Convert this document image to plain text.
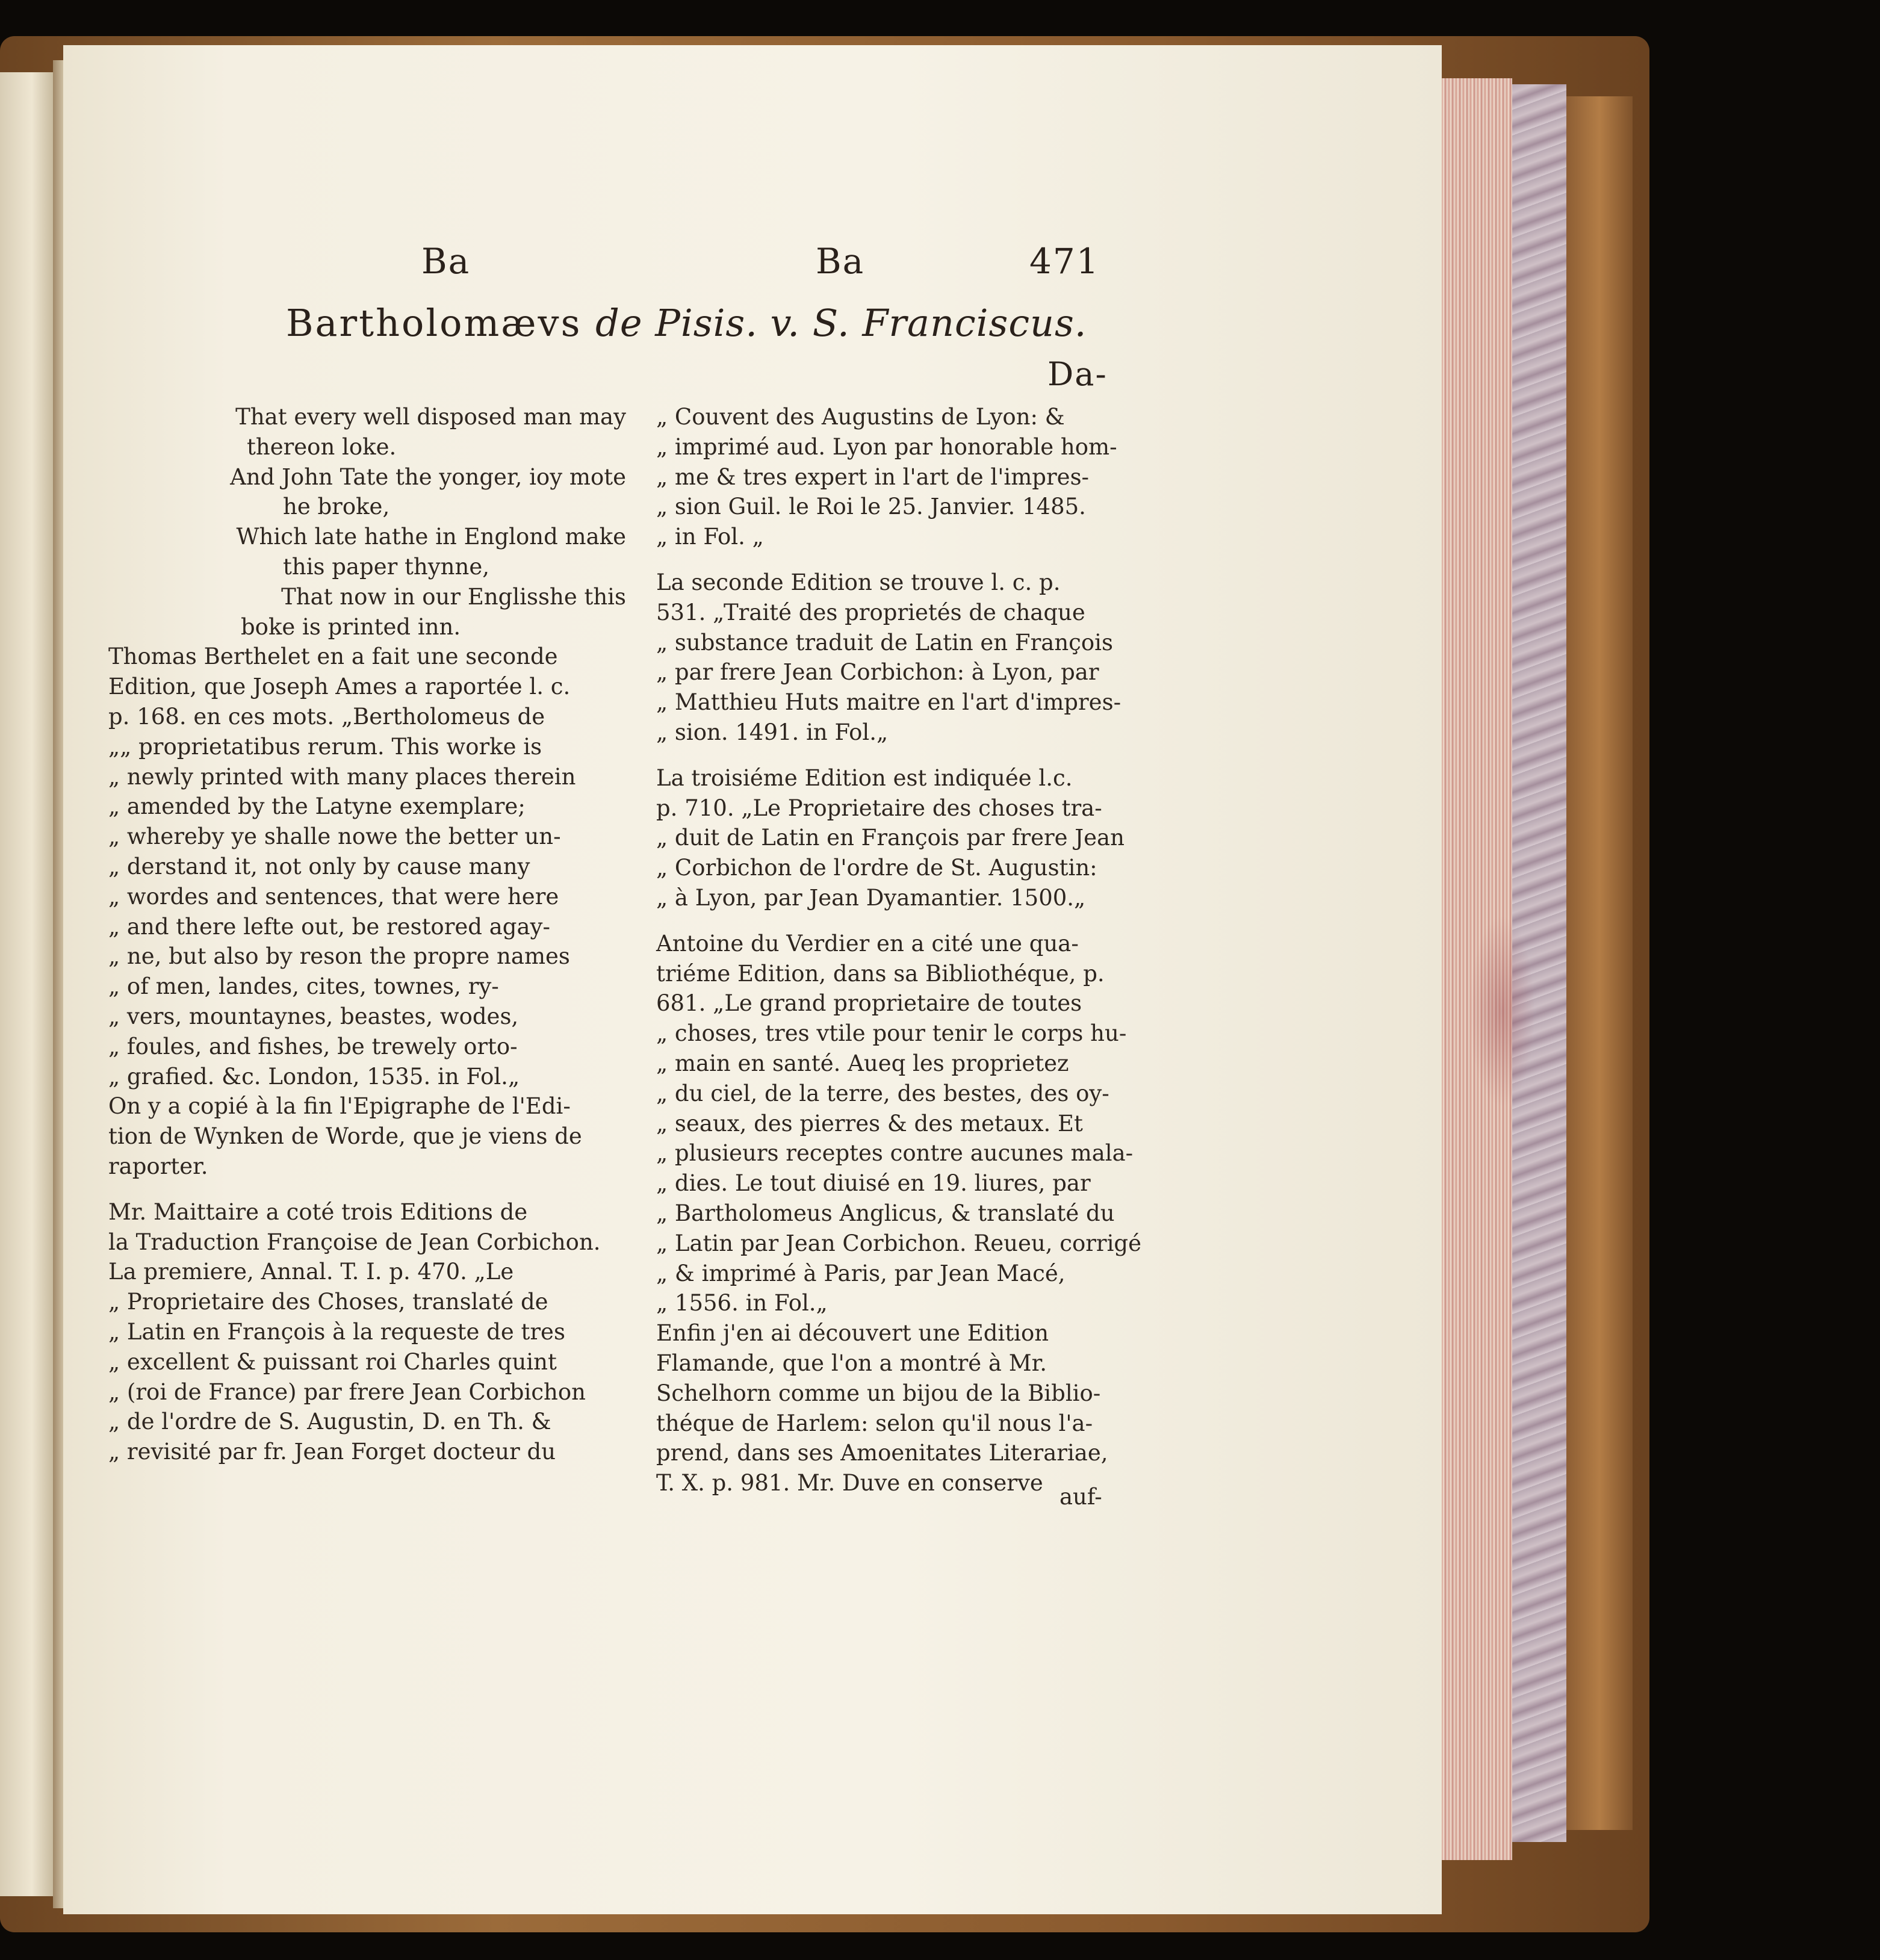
Ba	Ba	471
Bartholomævs de Pisis. v. S. Franciscus.
Da-

That every well disposed man may
thereon loke.
And John Tate the yonger, ioy mote
he broke,
Which late hathe in Englond make
this paper thynne,
That now in our Englisshe this
boke is printed inn.

Thomas Berthelet en a fait une seconde
Edition, que Joseph Ames a raportée l. c.
p. 168. en ces mots. „Bertholomeus de
„„ proprietatibus rerum. This worke is
„ newly printed with many places therein
„ amended by the Latyne exemplare;
„ whereby ye shalle nowe the better un-
„ derstand it, not only by cause many
„ wordes and sentences, that were here
„ and there lefte out, be restored agay-
„ ne, but also by reson the propre names
„ of men, landes, cites, townes, ry-
„ vers, mountaynes, beastes, wodes,
„ foules, and fishes, be trewely orto-
„ grafied. &c. London, 1535. in Fol.„
On y a copié à la fin l'Epigraphe de l'Edi-
tion de Wynken de Worde, que je viens de
raporter.

Mr. Maittaire a coté trois Editions de
la Traduction Françoise de Jean Corbichon.
La premiere, Annal. T. I. p. 470. „Le
„ Proprietaire des Choses, translaté de
„ Latin en François à la requeste de tres
„ excellent & puissant roi Charles quint
„ (roi de France) par frere Jean Corbichon
„ de l'ordre de S. Augustin, D. en Th. &
„ revisité par fr. Jean Forget docteur du

„ Couvent des Augustins de Lyon: &
„ imprimé aud. Lyon par honorable hom-
„ me & tres expert in l'art de l'impres-
„ sion Guil. le Roi le 25. Janvier. 1485.
„ in Fol. „

La seconde Edition se trouve l. c. p.
531. „Traité des proprietés de chaque
„ substance traduit de Latin en François
„ par frere Jean Corbichon: à Lyon, par
„ Matthieu Huts maitre en l'art d'impres-
„ sion. 1491. in Fol.„

La troisiéme Edition est indiquée l.c.
p. 710. „Le Proprietaire des choses tra-
„ duit de Latin en François par frere Jean
„ Corbichon de l'ordre de St. Augustin:
„ à Lyon, par Jean Dyamantier. 1500.„

Antoine du Verdier en a cité une qua-
triéme Edition, dans sa Bibliothéque, p.
681. „Le grand proprietaire de toutes
„ choses, tres vtile pour tenir le corps hu-
„ main en santé. Aueq les proprietez
„ du ciel, de la terre, des bestes, des oy-
„ seaux, des pierres & des metaux. Et
„ plusieurs receptes contre aucunes mala-
„ dies. Le tout diuisé en 19. liures, par
„ Bartholomeus Anglicus, & translaté du
„ Latin par Jean Corbichon. Reueu, corrigé
„ & imprimé à Paris, par Jean Macé,
„ 1556. in Fol.„

Enfin j'en ai découvert une Edition
Flamande, que l'on a montré à Mr.
Schelhorn comme un bijou de la Biblio-
théque de Harlem: selon qu'il nous l'a-
prend, dans ses Amoenitates Literariae,
T. X. p. 981. Mr. Duve en conserve

auf-
